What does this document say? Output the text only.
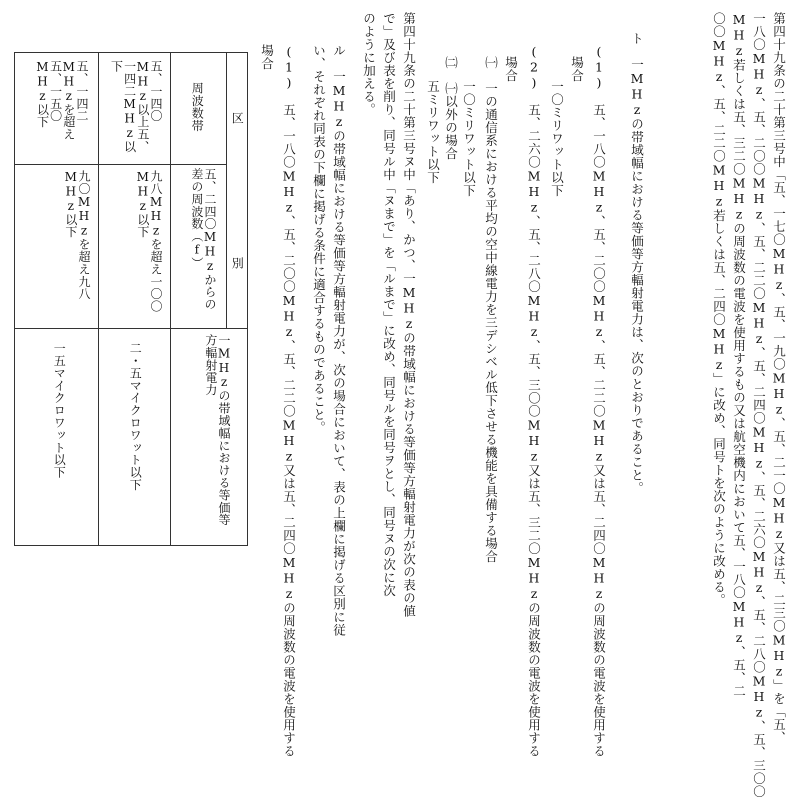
第四十九条の二十第三号中「五、一七〇MHz、五、一九〇MHz、五、二一〇MHz又は五、二三〇MHz」を「五、
一八〇MHz、五、二〇〇MHz、五、二二〇MHz、五、二四〇MHz、五、二六〇MHz、五、二八〇MHz、五、三〇〇
MHz若しくは五、三二〇MHzの周波数の電波を使用するもの又は航空機内において五、一八〇MHz、五、二
〇〇MHz、五、二二〇MHz若しくは五、二四〇MHz」に改め、同号トを次のように改める。
ト　一MHzの帯域幅における等価等方輻射電力は、次のとおりであること。
(1)　五、一八〇MHz、五、二〇〇MHz、五、二二〇MHz又は五、二四〇MHzの周波数の電波を使用する
場合
一〇ミリワット以下
(2)　五、二六〇MHz、五、二八〇MHz、五、三〇〇MHz又は五、三二〇MHzの周波数の電波を使用する
場合
㈠　一の通信系における平均の空中線電力を三デシベル低下させる機能を具備する場合
一〇ミリワット以下
㈡　㈠以外の場合
五ミリワット以下
第四十九条の二十第三号ヌ中「あり、かつ、一MHzの帯域幅における等価等方輻射電力が次の表の値
で」及び表を削り、同号ル中「ヌまで」を「ルまで」に改め、同号ルを同号ヲとし、同号ヌの次に次
のように加える。
ル　一MHzの帯域幅における等価等方輻射電力が、次の場合において、表の上欄に掲げる区別に従
い、それぞれ同表の下欄に掲げる条件に適合するものであること。
(1)　五、一八〇MHz、五、二〇〇MHz、五、二二〇MHz又は五、二四〇MHzの周波数の電波を使用する
場合
区
別
周波数帯
五、二四〇MHzからの差の周波数（f）
一MHzの帯域幅における等価等方輻射電力
五、一四〇MHz以上五、一四二MHz以下
九八MHzを超え一〇〇MHz以下
二・五マイクロワット以下
五、一四二MHzを超え五、一五〇MHz以下
九〇MHzを超え九八MHz以下
一五マイクロワット以下
